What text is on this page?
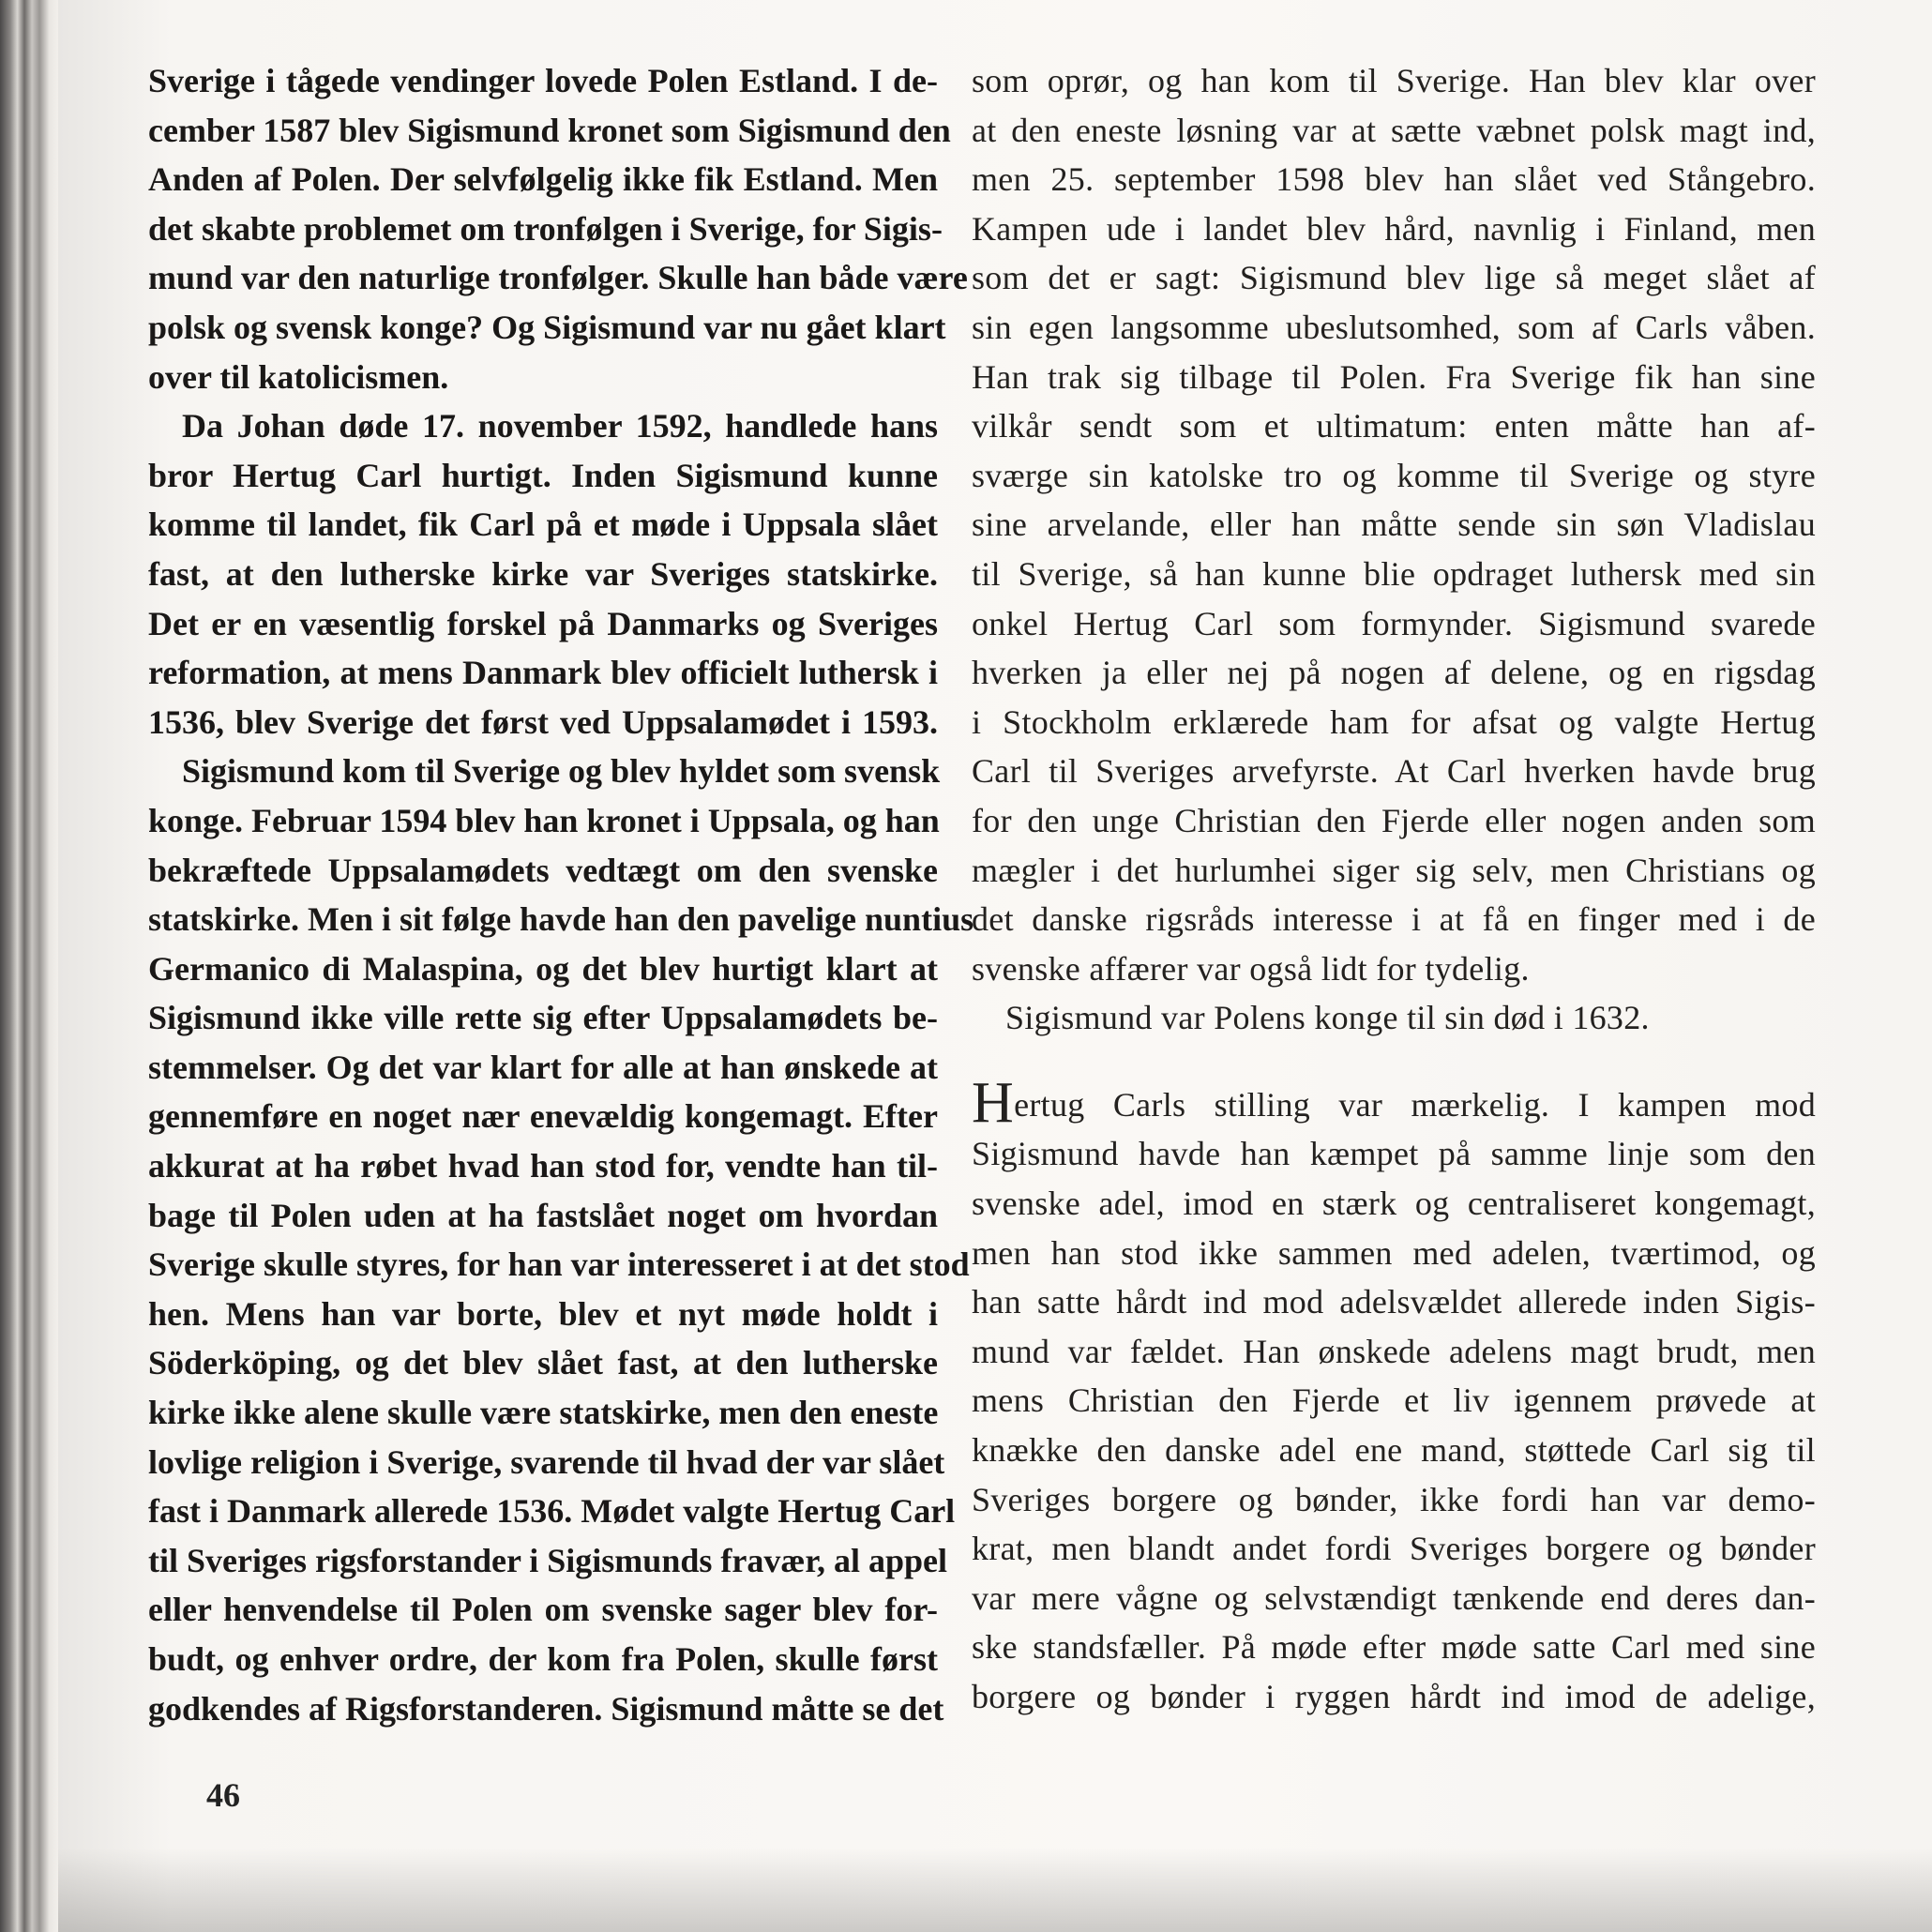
Sverige i tågede vendinger lovede Polen Estland. I de-
cember 1587 blev Sigismund kronet som Sigismund den
Anden af Polen. Der selvfølgelig ikke fik Estland. Men
det skabte problemet om tronfølgen i Sverige, for Sigis-
mund var den naturlige tronfølger. Skulle han både være
polsk og svensk konge? Og Sigismund var nu gået klart
over til katolicismen.
Da Johan døde 17. november 1592, handlede hans
bror Hertug Carl hurtigt. Inden Sigismund kunne
komme til landet, fik Carl på et møde i Uppsala slået
fast, at den lutherske kirke var Sveriges statskirke.
Det er en væsentlig forskel på Danmarks og Sveriges
reformation, at mens Danmark blev officielt luthersk i
1536, blev Sverige det først ved Uppsalamødet i 1593.
Sigismund kom til Sverige og blev hyldet som svensk
konge. Februar 1594 blev han kronet i Uppsala, og han
bekræftede Uppsalamødets vedtægt om den svenske
statskirke. Men i sit følge havde han den pavelige nuntius
Germanico di Malaspina, og det blev hurtigt klart at
Sigismund ikke ville rette sig efter Uppsalamødets be-
stemmelser. Og det var klart for alle at han ønskede at
gennemføre en noget nær enevældig kongemagt. Efter
akkurat at ha røbet hvad han stod for, vendte han til-
bage til Polen uden at ha fastslået noget om hvordan
Sverige skulle styres, for han var interesseret i at det stod
hen. Mens han var borte, blev et nyt møde holdt i
Söderköping, og det blev slået fast, at den lutherske
kirke ikke alene skulle være statskirke, men den eneste
lovlige religion i Sverige, svarende til hvad der var slået
fast i Danmark allerede 1536. Mødet valgte Hertug Carl
til Sveriges rigsforstander i Sigismunds fravær, al appel
eller henvendelse til Polen om svenske sager blev for-
budt, og enhver ordre, der kom fra Polen, skulle først
godkendes af Rigsforstanderen. Sigismund måtte se det
som oprør, og han kom til Sverige. Han blev klar over
at den eneste løsning var at sætte væbnet polsk magt ind,
men 25. september 1598 blev han slået ved Stångebro.
Kampen ude i landet blev hård, navnlig i Finland, men
som det er sagt: Sigismund blev lige så meget slået af
sin egen langsomme ubeslutsomhed, som af Carls våben.
Han trak sig tilbage til Polen. Fra Sverige fik han sine
vilkår sendt som et ultimatum: enten måtte han af-
sværge sin katolske tro og komme til Sverige og styre
sine arvelande, eller han måtte sende sin søn Vladislau
til Sverige, så han kunne blie opdraget luthersk med sin
onkel Hertug Carl som formynder. Sigismund svarede
hverken ja eller nej på nogen af delene, og en rigsdag
i Stockholm erklærede ham for afsat og valgte Hertug
Carl til Sveriges arvefyrste. At Carl hverken havde brug
for den unge Christian den Fjerde eller nogen anden som
mægler i det hurlumhei siger sig selv, men Christians og
det danske rigsråds interesse i at få en finger med i de
svenske affærer var også lidt for tydelig.
Sigismund var Polens konge til sin død i 1632.
Hertug Carls stilling var mærkelig. I kampen mod
Sigismund havde han kæmpet på samme linje som den
svenske adel, imod en stærk og centraliseret kongemagt,
men han stod ikke sammen med adelen, tværtimod, og
han satte hårdt ind mod adelsvældet allerede inden Sigis-
mund var fældet. Han ønskede adelens magt brudt, men
mens Christian den Fjerde et liv igennem prøvede at
knække den danske adel ene mand, støttede Carl sig til
Sveriges borgere og bønder, ikke fordi han var demo-
krat, men blandt andet fordi Sveriges borgere og bønder
var mere vågne og selvstændigt tænkende end deres dan-
ske standsfæller. På møde efter møde satte Carl med sine
borgere og bønder i ryggen hårdt ind imod de adelige,
46
